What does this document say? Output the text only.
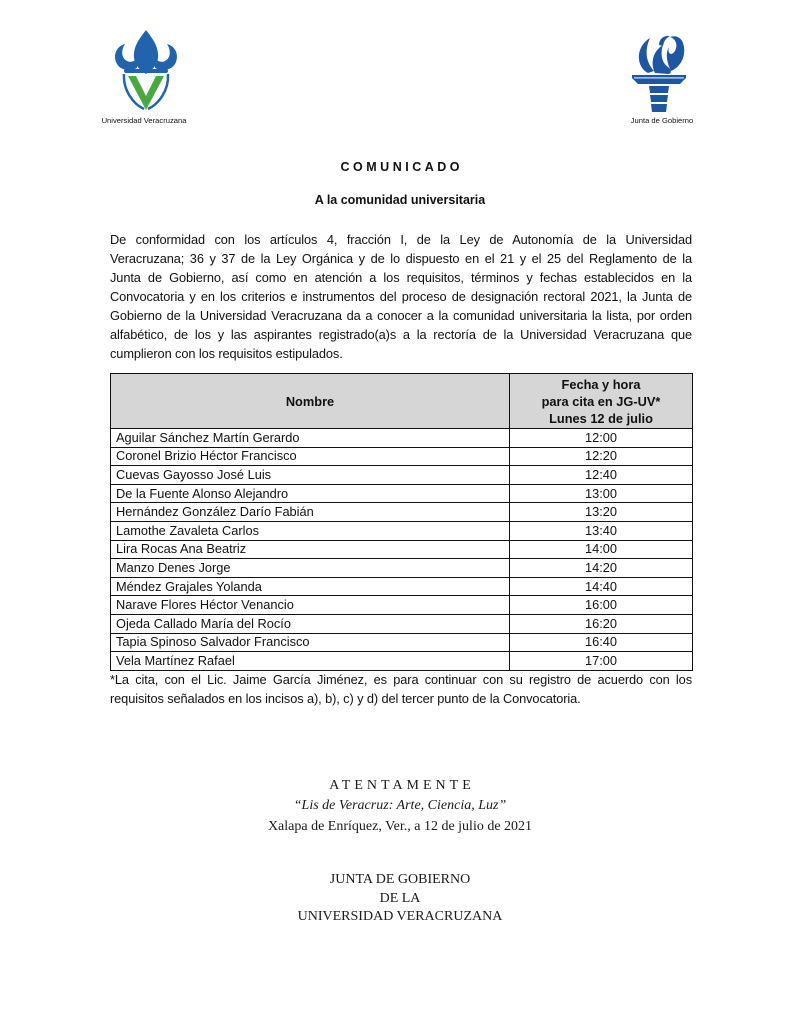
Universidad Veracruzana	Junta de Gobierno
COMUNICADO
A la comunidad universitaria
De conformidad con los artículos 4, fracción I, de la Ley de Autonomía de la Universidad
Veracruzana; 36 y 37 de la Ley Orgánica y de lo dispuesto en el 21 y el 25 del Reglamento de la
Junta de Gobierno, así como en atención a los requisitos, términos y fechas establecidos en la
Convocatoria y en los criterios e instrumentos del proceso de designación rectoral 2021, la Junta de
Gobierno de la Universidad Veracruzana da a conocer a la comunidad universitaria la lista, por orden
alfabético, de los y las aspirantes registrado(a)s a la rectoría de la Universidad Veracruzana que
cumplieron con los requisitos estipulados.
Nombre	Fecha y hora
para cita en JG-UV*
Lunes 12 de julio

Aguilar Sánchez Martín Gerardo	12:00
Coronel Brizio Héctor Francisco	12:20
Cuevas Gayosso José Luis	12:40
De la Fuente Alonso Alejandro	13:00
Hernández González Darío Fabián	13:20
Lamothe Zavaleta Carlos	13:40
Lira Rocas Ana Beatriz	14:00
Manzo Denes Jorge	14:20
Méndez Grajales Yolanda	14:40
Narave Flores Héctor Venancio	16:00
Ojeda Callado María del Rocío	16:20
Tapia Spinoso Salvador Francisco	16:40
Vela Martínez Rafael	17:00
*La cita, con el Lic. Jaime García Jiménez, es para continuar con su registro de acuerdo con los
requisitos señalados en los incisos a), b), c) y d) del tercer punto de la Convocatoria.
ATENTAMENTE
“Lis de Veracruz: Arte, Ciencia, Luz”
Xalapa de Enríquez, Ver., a 12 de julio de 2021
JUNTA DE GOBIERNO
DE LA
UNIVERSIDAD VERACRUZANA
